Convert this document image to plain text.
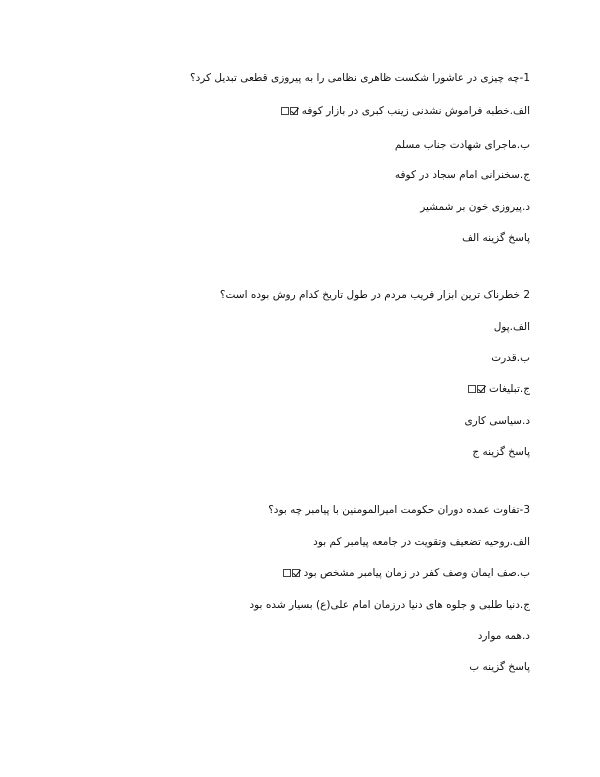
1-چه چیزی در عاشورا شکست ظاهری نظامی را به پیروزی قطعی تبدیل کرد؟
الف.خطبه فراموش نشدنی زینب کبری در بازار کوفه
ب.ماجرای شهادت جناب مسلم
ج.سخنرانی امام سجاد در کوفه
د.پیروزی خون بر شمشیر
پاسخ گزینه الف
2 خطرناک ترین ابزار فریب مردم در طول تاریخ کدام روش بوده است؟
الف.پول
ب.قدرت
ج.تبلیغات
د.سیاسی کاری
پاسخ گزینه ج
3-تفاوت عمده دوران حکومت امیرالمومنین با پیامبر چه بود؟
الف.روحیه تضعیف وتقویت در جامعه پیامبر کم بود
ب.صف ایمان وصف کفر در زمان پیامبر مشخص بود
ج.دنیا طلبی و جلوه های دنیا درزمان امام علی(ع) بسیار شده بود
د.همه موارد
پاسخ گزینه ب
